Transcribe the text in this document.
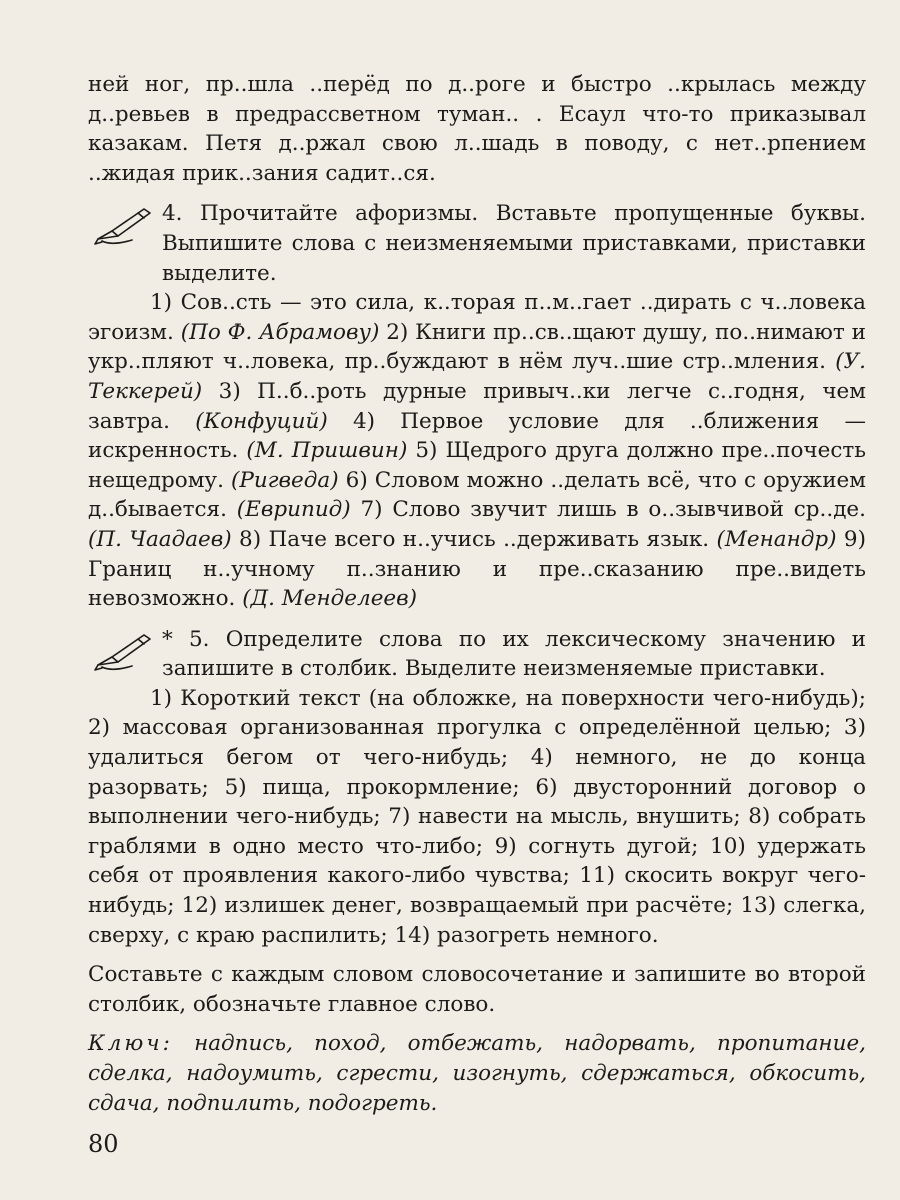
ней ног, пр..шла ..перёд по д..роге и быстро ..крылась между д..ревьев в предрассветном туман.. . Есаул что-то приказывал казакам. Петя д..ржал свою л..шадь в поводу, с нет..рпением ..жидая прик..зания садит..ся.

4. Прочитайте афоризмы. Вставьте пропущенные буквы. Выпишите слова с неизменяемыми приставками, приставки выделите.

1) Сов..сть — это сила, к..торая п..м..гает ..дирать с ч..ловека эгоизм. (По Ф. Абрамову) 2) Книги пр..св..щают душу, по..нимают и укр..пляют ч..ловека, пр..буждают в нём луч..шие стр..мления. (У. Теккерей) 3) П..б..роть дурные привыч..ки легче с..годня, чем завтра. (Конфуций) 4) Первое условие для ..ближения — искренность. (М. Пришвин) 5) Щедрого друга должно пре..почесть нещедрому. (Ригведа) 6) Словом можно ..делать всё, что с оружием д..бывается. (Еврипид) 7) Слово звучит лишь в о..зывчивой ср..де. (П. Чаадаев) 8) Паче всего н..учись ..держивать язык. (Менандр) 9) Границ н..учному п..знанию и пре..сказанию пре..видеть невозможно. (Д. Менделеев)

* 5. Определите слова по их лексическому значению и запишите в столбик. Выделите неизменяемые приставки.

1) Короткий текст (на обложке, на поверхности чего-нибудь); 2) массовая организованная прогулка с определённой целью; 3) удалиться бегом от чего-нибудь; 4) немного, не до конца разорвать; 5) пища, прокормление; 6) двусторонний договор о выполнении чего-нибудь; 7) навести на мысль, внушить; 8) собрать граблями в одно место что-либо; 9) согнуть дугой; 10) удержать себя от проявления какого-либо чувства; 11) скосить вокруг чего-нибудь; 12) излишек денег, возвращаемый при расчёте; 13) слегка, сверху, с краю распилить; 14) разогреть немного.

Составьте с каждым словом словосочетание и запишите во второй столбик, обозначьте главное слово.

Ключ: надпись, поход, отбежать, надорвать, пропитание, сделка, надоумить, сгрести, изогнуть, сдержаться, обкосить, сдача, подпилить, подогреть.

80
